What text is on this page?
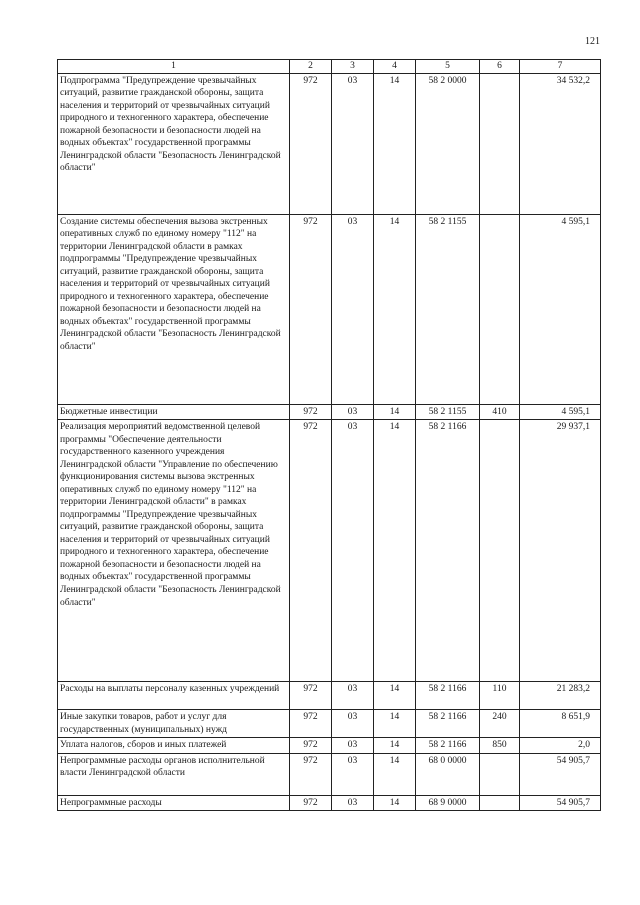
121
1	2	3	4	5	6	7
Подпрограмма "Предупреждение чрезвычайных ситуаций, развитие гражданской обороны, защита населения и территорий от чрезвычайных ситуаций природного и техногенного характера, обеспечение пожарной безопасности и безопасности людей на водных объектах" государственной программы Ленинградской области "Безопасность Ленинградской области"	972	03	14	58 2 0000		34 532,2
Создание системы обеспечения вызова экстренных оперативных служб по единому номеру "112" на территории Ленинградской области в рамках подпрограммы "Предупреждение чрезвычайных ситуаций, развитие гражданской обороны, защита населения и территорий от чрезвычайных ситуаций природного и техногенного характера, обеспечение пожарной безопасности и безопасности людей на водных объектах" государственной программы Ленинградской области "Безопасность Ленинградской области"	972	03	14	58 2 1155		4 595,1
Бюджетные инвестиции	972	03	14	58 2 1155	410	4 595,1
Реализация мероприятий ведомственной целевой программы "Обеспечение деятельности государственного казенного учреждения Ленинградской области "Управление по обеспечению функционирования системы вызова экстренных оперативных служб по единому номеру "112" на территории Ленинградской области" в рамках подпрограммы "Предупреждение чрезвычайных ситуаций, развитие гражданской обороны, защита населения и территорий от чрезвычайных ситуаций природного и техногенного характера, обеспечение пожарной безопасности и безопасности людей на водных объектах" государственной программы Ленинградской области "Безопасность Ленинградской области"	972	03	14	58 2 1166		29 937,1
Расходы на выплаты персоналу казенных учреждений	972	03	14	58 2 1166	110	21 283,2
Иные закупки товаров, работ и услуг для государственных (муниципальных) нужд	972	03	14	58 2 1166	240	8 651,9
Уплата налогов, сборов и иных платежей	972	03	14	58 2 1166	850	2,0
Непрограммные расходы органов исполнительной власти Ленинградской области	972	03	14	68 0 0000		54 905,7
Непрограммные расходы	972	03	14	68 9 0000		54 905,7
